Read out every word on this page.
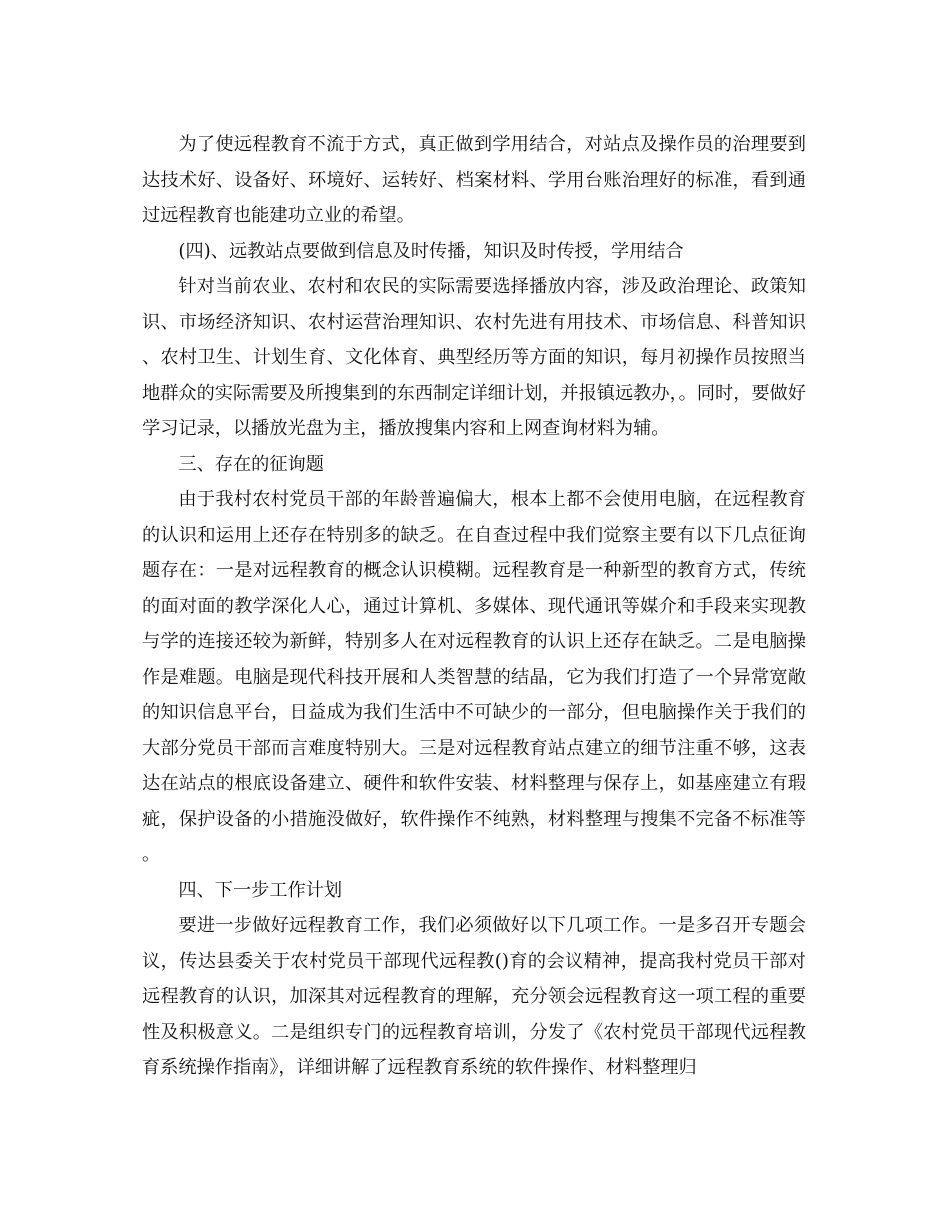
为了使远程教育不流于方式，真正做到学用结合，对站点及操作员的治理要到达技术好、设备好、环境好、运转好、档案材料、学用台账治理好的标准，看到通过远程教育也能建功立业的希望。

(四)、远教站点要做到信息及时传播，知识及时传授，学用结合

针对当前农业、农村和农民的实际需要选择播放内容，涉及政治理论、政策知识、市场经济知识、农村运营治理知识、农村先进有用技术、市场信息、科普知识、农村卫生、计划生育、文化体育、典型经历等方面的知识，每月初操作员按照当地群众的实际需要及所搜集到的东西制定详细计划，并报镇远教办，。同时，要做好学习记录，以播放光盘为主，播放搜集内容和上网查询材料为辅。

三、存在的征询题

由于我村农村党员干部的年龄普遍偏大，根本上都不会使用电脑，在远程教育的认识和运用上还存在特别多的缺乏。在自查过程中我们觉察主要有以下几点征询题存在：一是对远程教育的概念认识模糊。远程教育是一种新型的教育方式，传统的面对面的教学深化人心，通过计算机、多媒体、现代通讯等媒介和手段来实现教与学的连接还较为新鲜，特别多人在对远程教育的认识上还存在缺乏。二是电脑操作是难题。电脑是现代科技开展和人类智慧的结晶，它为我们打造了一个异常宽敞的知识信息平台，日益成为我们生活中不可缺少的一部分，但电脑操作关于我们的大部分党员干部而言难度特别大。三是对远程教育站点建立的细节注重不够，这表达在站点的根底设备建立、硬件和软件安装、材料整理与保存上，如基座建立有瑕疵，保护设备的小措施没做好，软件操作不纯熟，材料整理与搜集不完备不标准等。

四、下一步工作计划

要进一步做好远程教育工作，我们必须做好以下几项工作。一是多召开专题会议，传达县委关于农村党员干部现代远程教()育的会议精神，提高我村党员干部对远程教育的认识，加深其对远程教育的理解，充分领会远程教育这一项工程的重要性及积极意义。二是组织专门的远程教育培训，分发了《农村党员干部现代远程教育系统操作指南》，详细讲解了远程教育系统的软件操作、材料整理归
